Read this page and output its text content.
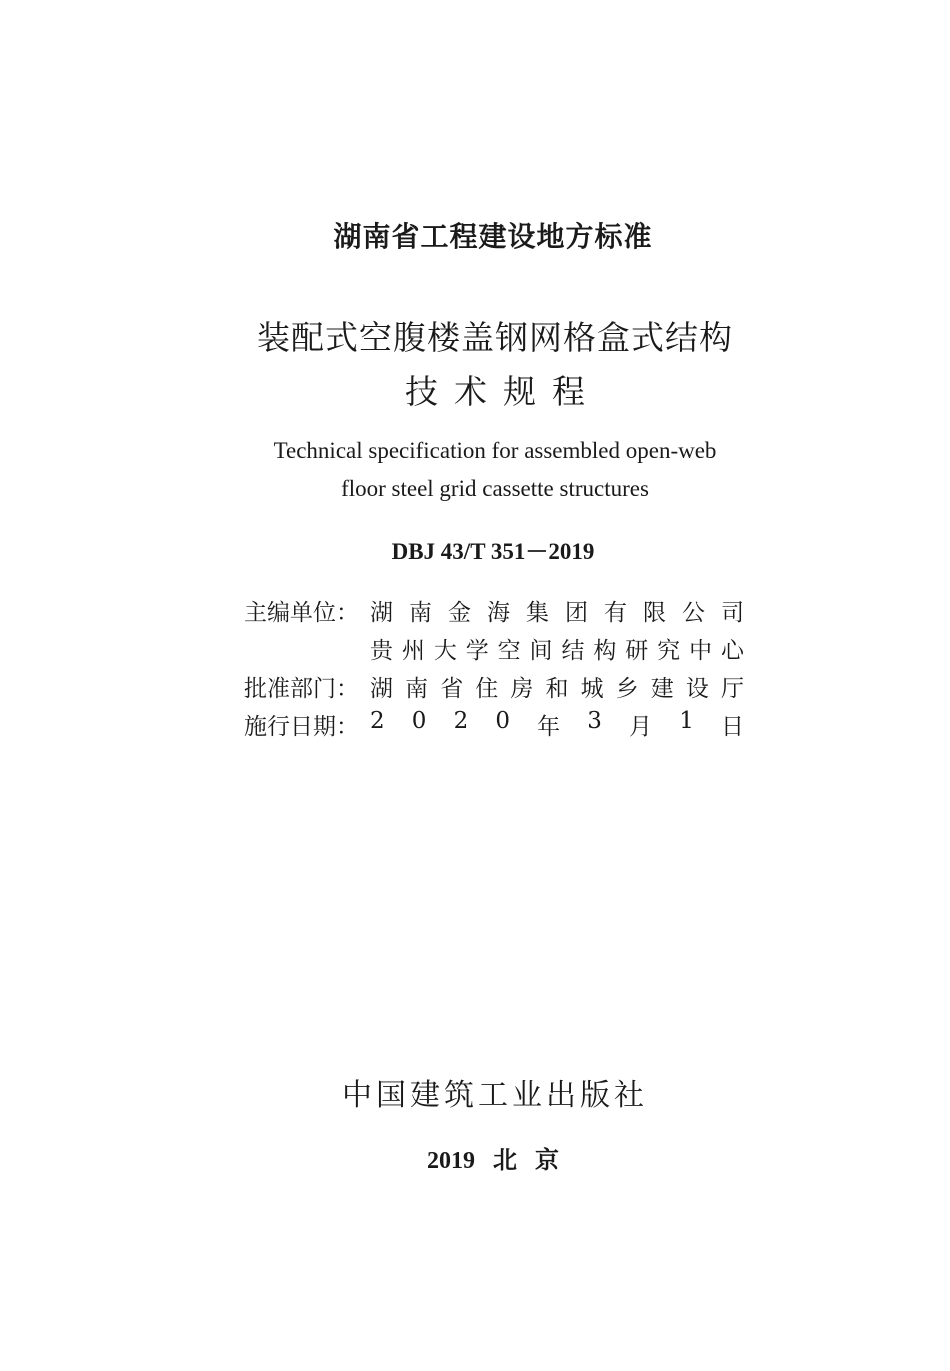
湖南省工程建设地方标准
装配式空腹楼盖钢网格盒式结构
技术规程
Technical specification for assembled open-web
floor steel grid cassette structures
DBJ 43/T 351－2019
主编单位： 湖 南 金 海 集 团 有 限 公 司
贵 州 大 学 空 间 结 构 研 究 中 心
批准部门： 湖 南 省 住 房 和 城 乡 建 设 厅
施行日期： 2 0 2 0 年 3 月 1 日
中国建筑工业出版社
2019 北 京
